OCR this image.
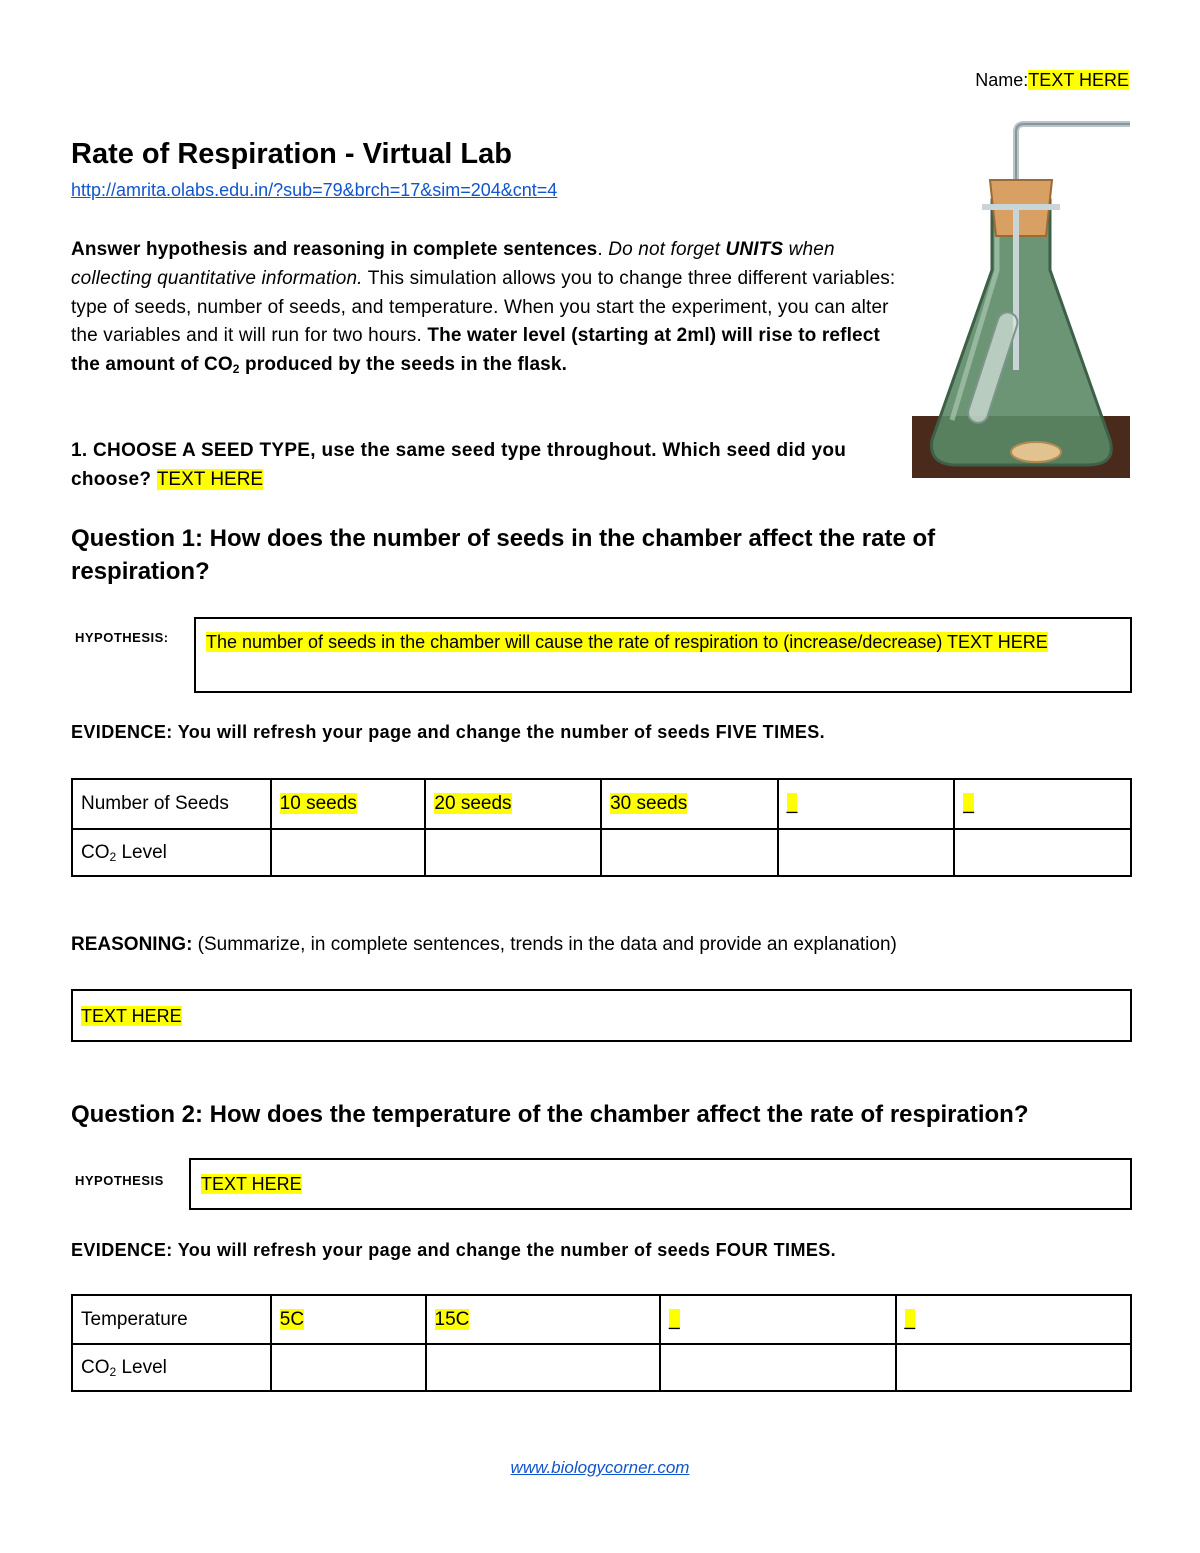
Name:TEXT HERE
Rate of Respiration - Virtual Lab
http://amrita.olabs.edu.in/?sub=79&brch=17&sim=204&cnt=4

Answer hypothesis and reasoning in complete sentences. Do not forget UNITS when collecting quantitative information. This simulation allows you to change three different variables: type of seeds, number of seeds, and temperature. When you start the experiment, you can alter the variables and it will run for two hours. The water level (starting at 2ml) will rise to reflect the amount of $CO_2$ produced by the seeds in the flask.

1. CHOOSE A SEED TYPE, use the same seed type throughout. Which seed did you choose? TEXT HERE

Question 1: How does the number of seeds in the chamber affect the rate of respiration?
HYPOTHESIS:	The number of seeds in the chamber will cause the rate of respiration to (increase/decrease) TEXT HERE
EVIDENCE: You will refresh your page and change the number of seeds FIVE TIMES.
Number of Seeds	10 seeds	20 seeds	30 seeds	_	_
$CO_2$ Level					
REASONING: (Summarize, in complete sentences, trends in the data and provide an explanation)
TEXT HERE
Question 2: How does the temperature of the chamber affect the rate of respiration?
HYPOTHESIS	TEXT HERE
EVIDENCE: You will refresh your page and change the number of seeds FOUR TIMES.
Temperature	5C	15C	_	_
$CO_2$ Level				
www.biologycorner.com
